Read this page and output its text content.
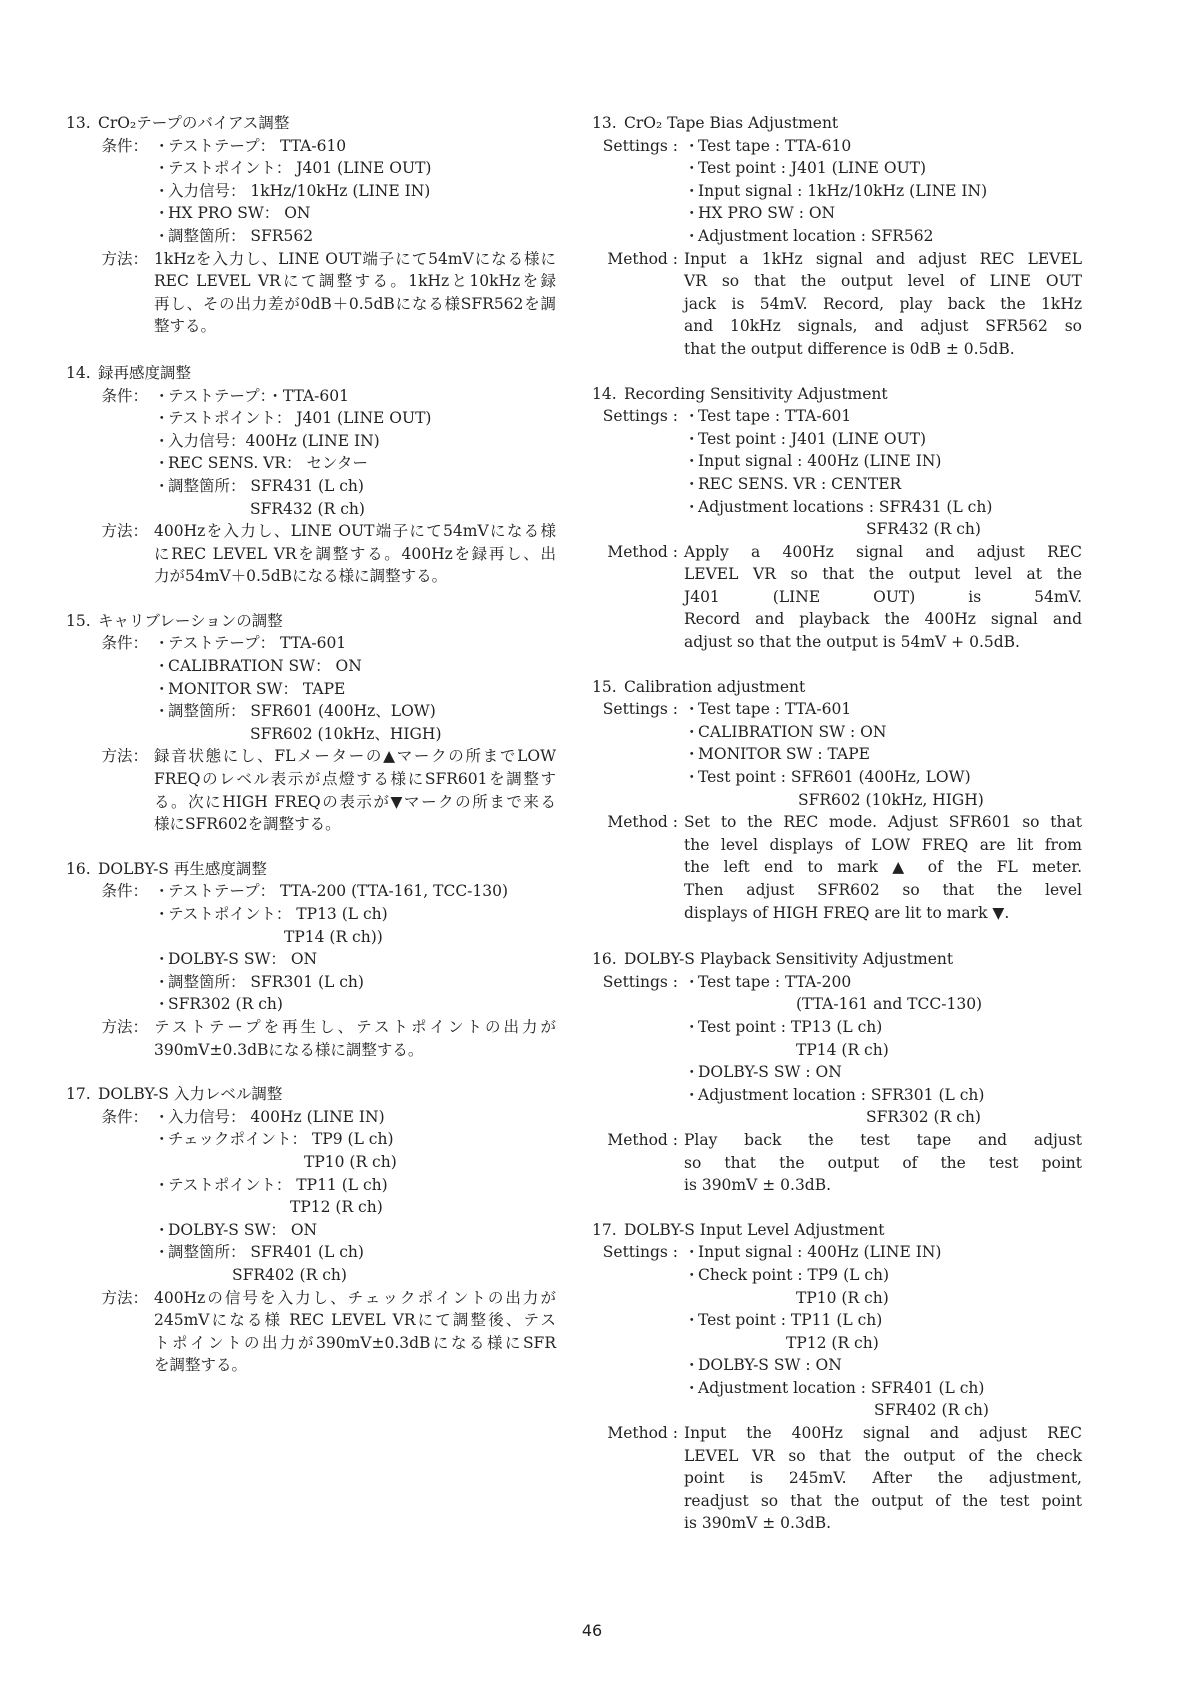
13. CrO₂テープのバイアス調整
条件： ・テストテープ： TTA-610
・テストポイント： J401 (LINE OUT)
・入力信号： 1kHz/10kHz (LINE IN)
・HX PRO SW： ON
・調整箇所： SFR562
方法： 1kHzを入力し、LINE OUT端子にて54mVになる様に
REC LEVEL VRにて調整する。1kHzと10kHzを録
再し、その出力差が0dB＋0.5dBになる様SFR562を調
整する。
14. 録再感度調整
条件： ・テストテープ：・TTA-601
・テストポイント： J401 (LINE OUT)
・入力信号：400Hz (LINE IN)
・REC SENS. VR： センター
・調整箇所： SFR431 (L ch)
SFR432 (R ch)
方法： 400Hzを入力し、LINE OUT端子にて54mVになる様
にREC LEVEL VRを調整する。400Hzを録再し、出
力が54mV＋0.5dBになる様に調整する。
15. キャリブレーションの調整
条件： ・テストテープ： TTA-601
・CALIBRATION SW： ON
・MONITOR SW： TAPE
・調整箇所： SFR601 (400Hz、LOW)
SFR602 (10kHz、HIGH)
方法： 録音状態にし、FLメーターの▲マークの所までLOW
FREQのレベル表示が点燈する様にSFR601を調整す
る。次にHIGH FREQの表示が▼マークの所まで来る
様にSFR602を調整する。
16. DOLBY-S 再生感度調整
条件： ・テストテープ： TTA-200 (TTA-161, TCC-130)
・テストポイント： TP13 (L ch)
TP14 (R ch))
・DOLBY-S SW： ON
・調整箇所： SFR301 (L ch)
・SFR302 (R ch)
方法： テストテープを再生し、テストポイントの出力が
390mV±0.3dBになる様に調整する。
17. DOLBY-S 入力レベル調整
条件： ・入力信号： 400Hz (LINE IN)
・チェックポイント： TP9 (L ch)
TP10 (R ch)
・テストポイント： TP11 (L ch)
TP12 (R ch)
・DOLBY-S SW： ON
・調整箇所： SFR401 (L ch)
SFR402 (R ch)
方法： 400Hzの信号を入力し、チェックポイントの出力が
245mVになる様 REC LEVEL VRにて調整後、テス
トポイントの出力が390mV±0.3dBになる様にSFR
を調整する。
13. CrO₂ Tape Bias Adjustment
Settings : ・Test tape : TTA-610
・Test point : J401 (LINE OUT)
・Input signal : 1kHz/10kHz (LINE IN)
・HX PRO SW : ON
・Adjustment location : SFR562
Method : Input a 1kHz signal and adjust REC LEVEL
VR so that the output level of LINE OUT
jack is 54mV. Record, play back the 1kHz
and 10kHz signals, and adjust SFR562 so
that the output difference is 0dB ± 0.5dB.
14. Recording Sensitivity Adjustment
Settings : ・Test tape : TTA-601
・Test point : J401 (LINE OUT)
・Input signal : 400Hz (LINE IN)
・REC SENS. VR : CENTER
・Adjustment locations : SFR431 (L ch)
SFR432 (R ch)
Method : Apply a 400Hz signal and adjust REC
LEVEL VR so that the output level at the
J401 (LINE OUT) is 54mV.
Record and playback the 400Hz signal and
adjust so that the output is 54mV + 0.5dB.
15. Calibration adjustment
Settings : ・Test tape : TTA-601
・CALIBRATION SW : ON
・MONITOR SW : TAPE
・Test point : SFR601 (400Hz, LOW)
SFR602 (10kHz, HIGH)
Method : Set to the REC mode. Adjust SFR601 so that
the level displays of LOW FREQ are lit from
the left end to mark ▲ of the FL meter.
Then adjust SFR602 so that the level
displays of HIGH FREQ are lit to mark ▼.
16. DOLBY-S Playback Sensitivity Adjustment
Settings : ・Test tape : TTA-200
(TTA-161 and TCC-130)
・Test point : TP13 (L ch)
TP14 (R ch)
・DOLBY-S SW : ON
・Adjustment location : SFR301 (L ch)
SFR302 (R ch)
Method : Play back the test tape and adjust
so that the output of the test point
is 390mV ± 0.3dB.
17. DOLBY-S Input Level Adjustment
Settings : ・Input signal : 400Hz (LINE IN)
・Check point : TP9 (L ch)
TP10 (R ch)
・Test point : TP11 (L ch)
TP12 (R ch)
・DOLBY-S SW : ON
・Adjustment location : SFR401 (L ch)
SFR402 (R ch)
Method : Input the 400Hz signal and adjust REC
LEVEL VR so that the output of the check
point is 245mV. After the adjustment,
readjust so that the output of the test point
is 390mV ± 0.3dB.
46
